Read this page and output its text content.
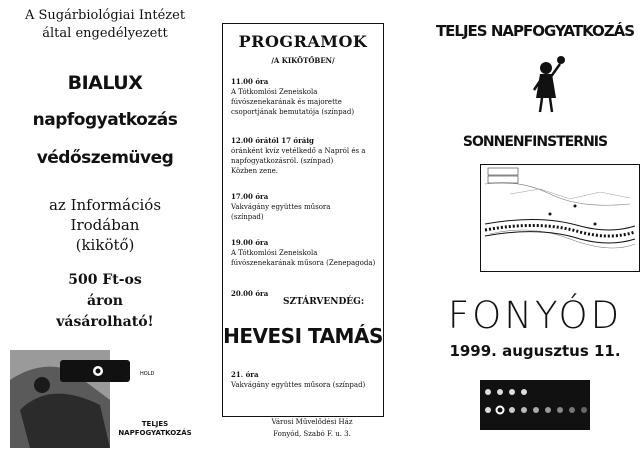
A Sugárbiológiai Intézet
által engedélyezett
BIALUX
napfogyatkozás
védőszemüveg
az Információs
Irodában
(kikötő)
500 Ft-os
áron
vásárolható!
HOLD
TELJES
NAPFOGYATKOZÁS
PROGRAMOK
/A KIKÖTŐBEN/
11.00 óra
A Tótkomlósi Zeneiskola
fúvószenekarának és majorette
csoportjának bemutatója (színpad)
12.00 órától 17 óráig
óránként kvíz vetélkedő a Napról és a
napfogyatkozásról. (színpad)
Közben zene.
17.00 óra
Vakvágány együttes műsora
(színpad)
19.00 óra
A Tótkomlósi Zeneiskola
fúvószenekarának műsora (Zenepagoda)
20.00 óra
SZTÁRVENDÉG:
HEVESI TAMÁS
21. óra
Vakvágány együttes műsora (színpad)
Városi Művelődési Ház
Fonyód, Szabó F. u. 3.
TELJES NAPFOGYATKOZÁS
SONNENFINSTERNIS
FONYÓD
1999. augusztus 11.
